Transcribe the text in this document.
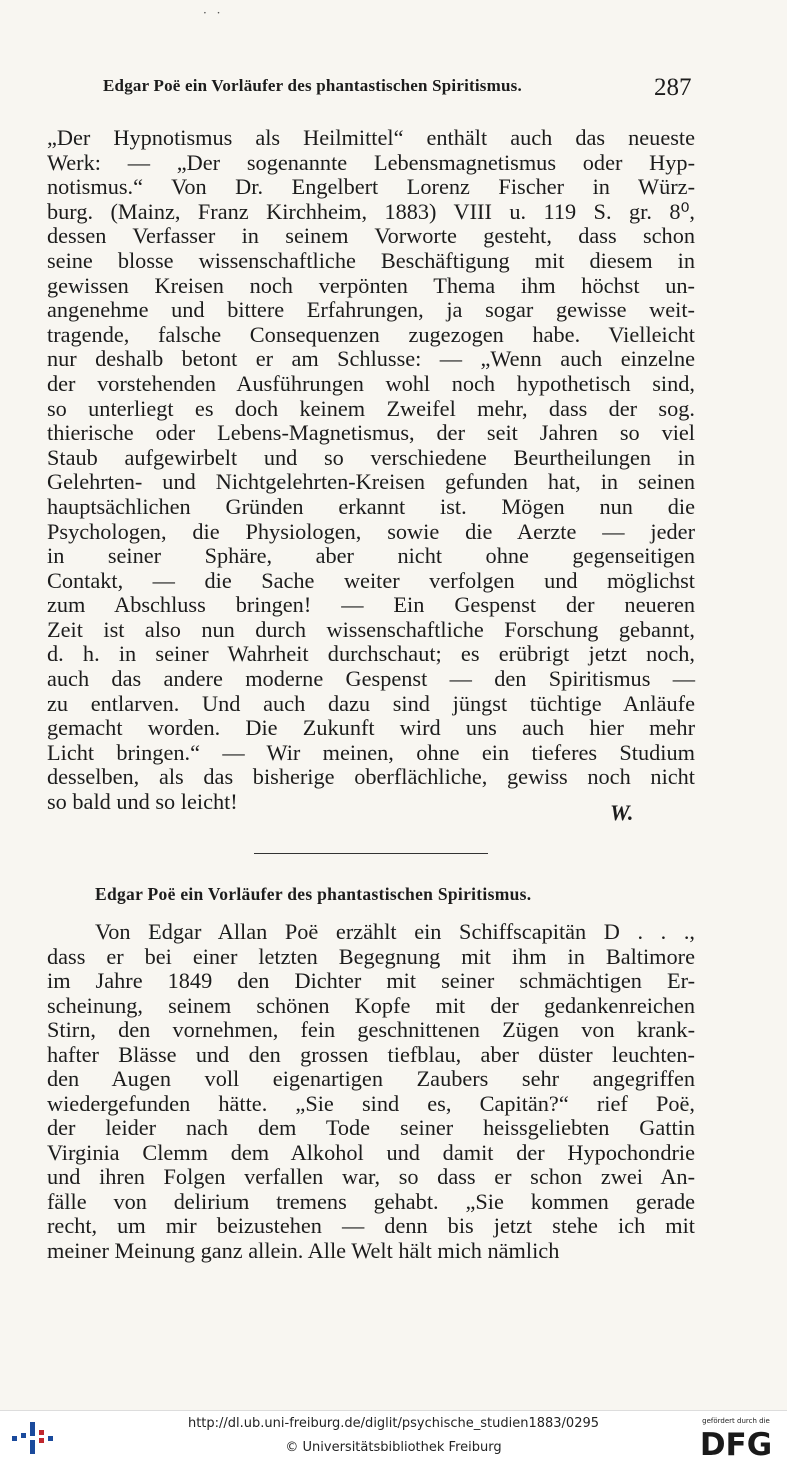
· ·
Edgar Poë ein Vorläufer des phantastischen Spiritismus.	287
„Der Hypnotismus als Heilmittel“ enthält auch das neueste
Werk: — „Der sogenannte Lebensmagnetismus oder Hyp-
notismus.“ Von Dr. Engelbert Lorenz Fischer in Würz-
burg. (Mainz, Franz Kirchheim, 1883) VIII u. 119 S. gr. 8⁰,
dessen Verfasser in seinem Vorworte gesteht, dass schon
seine blosse wissenschaftliche Beschäftigung mit diesem in
gewissen Kreisen noch verpönten Thema ihm höchst un-
angenehme und bittere Erfahrungen, ja sogar gewisse weit-
tragende, falsche Consequenzen zugezogen habe. Vielleicht
nur deshalb betont er am Schlusse: — „Wenn auch einzelne
der vorstehenden Ausführungen wohl noch hypothetisch sind,
so unterliegt es doch keinem Zweifel mehr, dass der sog.
thierische oder Lebens-Magnetismus, der seit Jahren so viel
Staub aufgewirbelt und so verschiedene Beurtheilungen in
Gelehrten- und Nichtgelehrten-Kreisen gefunden hat, in seinen
hauptsächlichen Gründen erkannt ist. Mögen nun die
Psychologen, die Physiologen, sowie die Aerzte — jeder
in seiner Sphäre, aber nicht ohne gegenseitigen
Contakt, — die Sache weiter verfolgen und möglichst
zum Abschluss bringen! — Ein Gespenst der neueren
Zeit ist also nun durch wissenschaftliche Forschung gebannt,
d. h. in seiner Wahrheit durchschaut; es erübrigt jetzt noch,
auch das andere moderne Gespenst — den Spiritismus —
zu entlarven. Und auch dazu sind jüngst tüchtige Anläufe
gemacht worden. Die Zukunft wird uns auch hier mehr
Licht bringen.“ — Wir meinen, ohne ein tieferes Studium
desselben, als das bisherige oberflächliche, gewiss noch nicht
so bald und so leicht!	W.
Edgar Poë ein Vorläufer des phantastischen Spiritismus.
Von Edgar Allan Poë erzählt ein Schiffscapitän D . . .,
dass er bei einer letzten Begegnung mit ihm in Baltimore
im Jahre 1849 den Dichter mit seiner schmächtigen Er-
scheinung, seinem schönen Kopfe mit der gedankenreichen
Stirn, den vornehmen, fein geschnittenen Zügen von krank-
hafter Blässe und den grossen tiefblau, aber düster leuchten-
den Augen voll eigenartigen Zaubers sehr angegriffen
wiedergefunden hätte. „Sie sind es, Capitän?“ rief Poë,
der leider nach dem Tode seiner heissgeliebten Gattin
Virginia Clemm dem Alkohol und damit der Hypochondrie
und ihren Folgen verfallen war, so dass er schon zwei An-
fälle von delirium tremens gehabt. „Sie kommen gerade
recht, um mir beizustehen — denn bis jetzt stehe ich mit
meiner Meinung ganz allein. Alle Welt hält mich nämlich
http://dl.ub.uni-freiburg.de/diglit/psychische_studien1883/0295
© Universitätsbibliothek Freiburg
gefördert durch die
DFG
